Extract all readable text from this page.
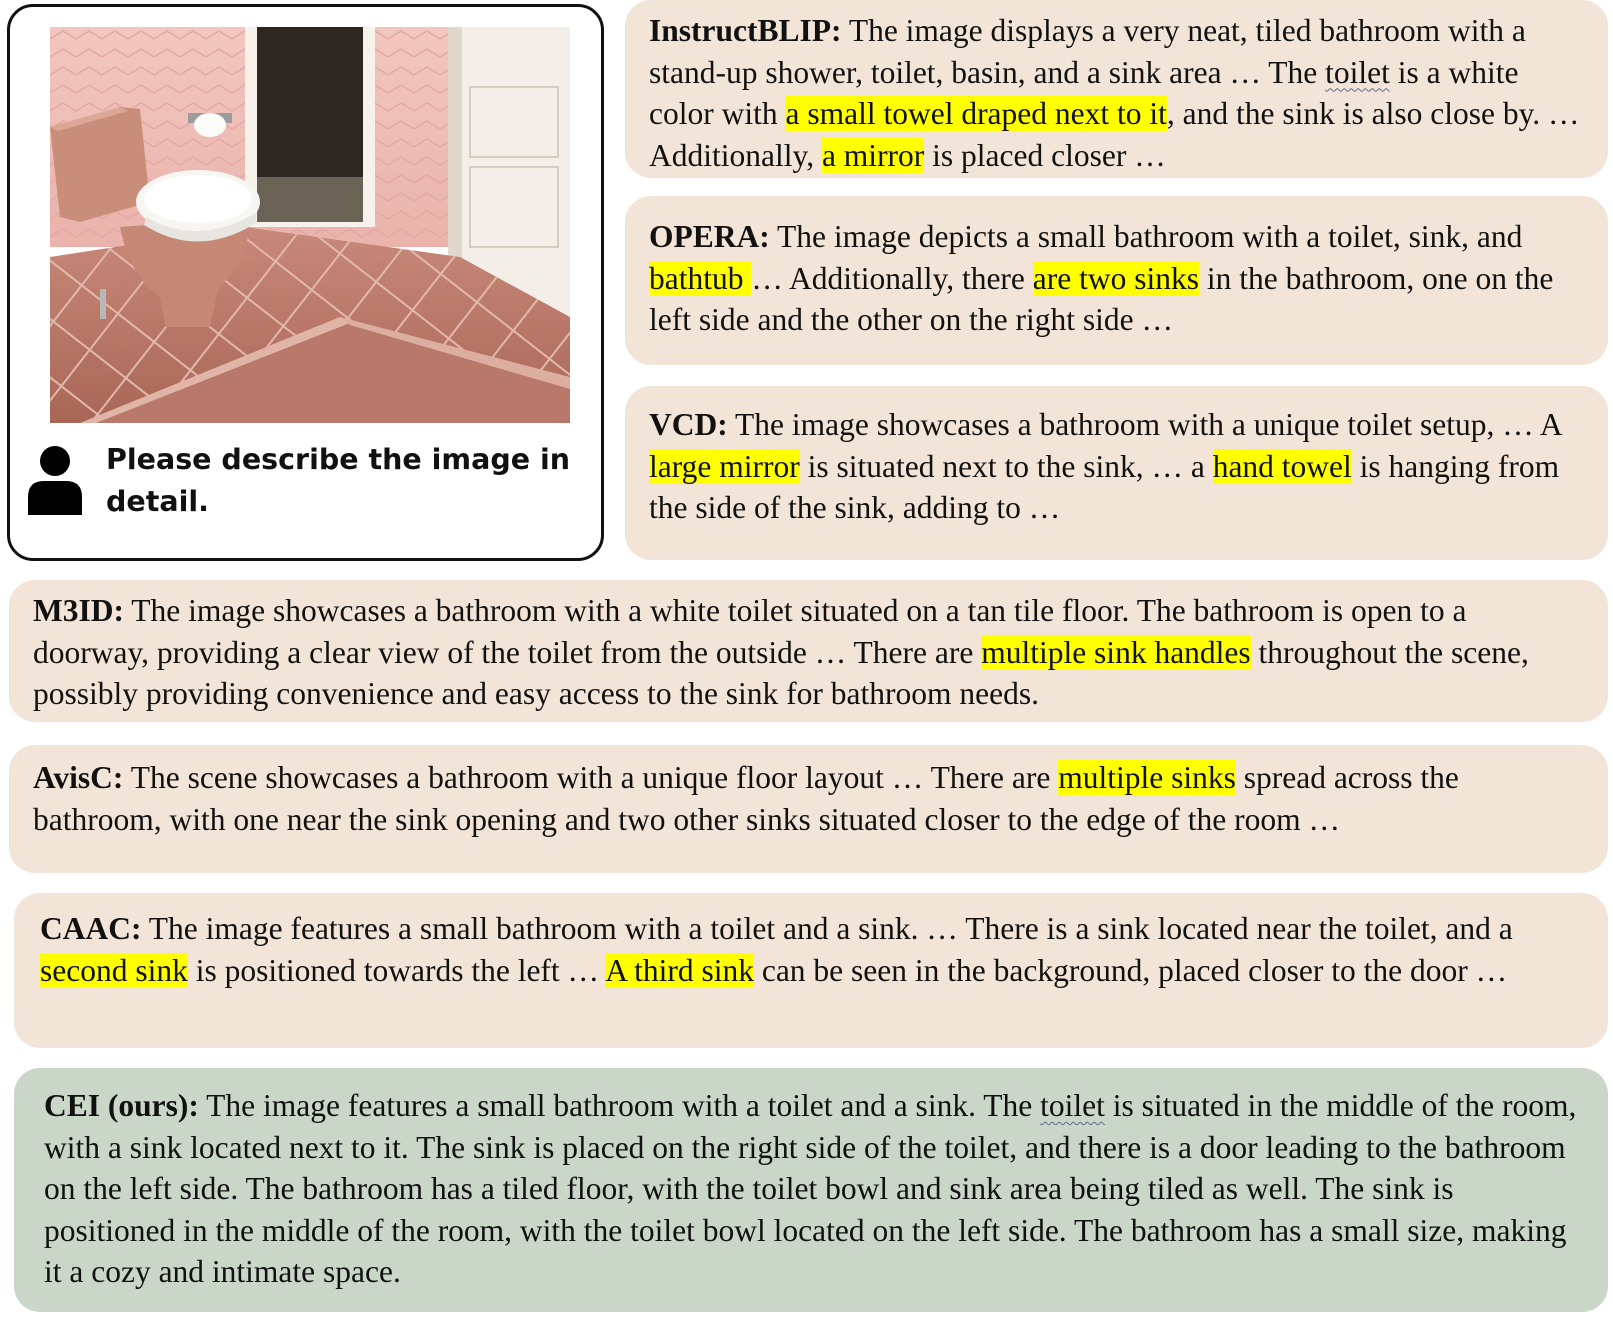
Please describe the image in detail.
InstructBLIP: The image displays a very neat, tiled bathroom with a stand-up shower, toilet, basin, and a sink area … The toilet is a white color with a small towel draped next to it, and the sink is also close by. … Additionally, a mirror is placed closer …
OPERA: The image depicts a small bathroom with a toilet, sink, and bathtub … Additionally, there are two sinks in the bathroom, one on the left side and the other on the right side …
VCD: The image showcases a bathroom with a unique toilet setup, … A large mirror is situated next to the sink, … a hand towel is hanging from the side of the sink, adding to …
M3ID: The image showcases a bathroom with a white toilet situated on a tan tile floor. The bathroom is open to a doorway, providing a clear view of the toilet from the outside … There are multiple sink handles throughout the scene, possibly providing convenience and easy access to the sink for bathroom needs.
AvisC: The scene showcases a bathroom with a unique floor layout … There are multiple sinks spread across the bathroom, with one near the sink opening and two other sinks situated closer to the edge of the room …
CAAC: The image features a small bathroom with a toilet and a sink. … There is a sink located near the toilet, and a second sink is positioned towards the left … A third sink can be seen in the background, placed closer to the door …
CEI (ours): The image features a small bathroom with a toilet and a sink. The toilet is situated in the middle of the room, with a sink located next to it. The sink is placed on the right side of the toilet, and there is a door leading to the bathroom on the left side. The bathroom has a tiled floor, with the toilet bowl and sink area being tiled as well. The sink is positioned in the middle of the room, with the toilet bowl located on the left side. The bathroom has a small size, making it a cozy and intimate space.
